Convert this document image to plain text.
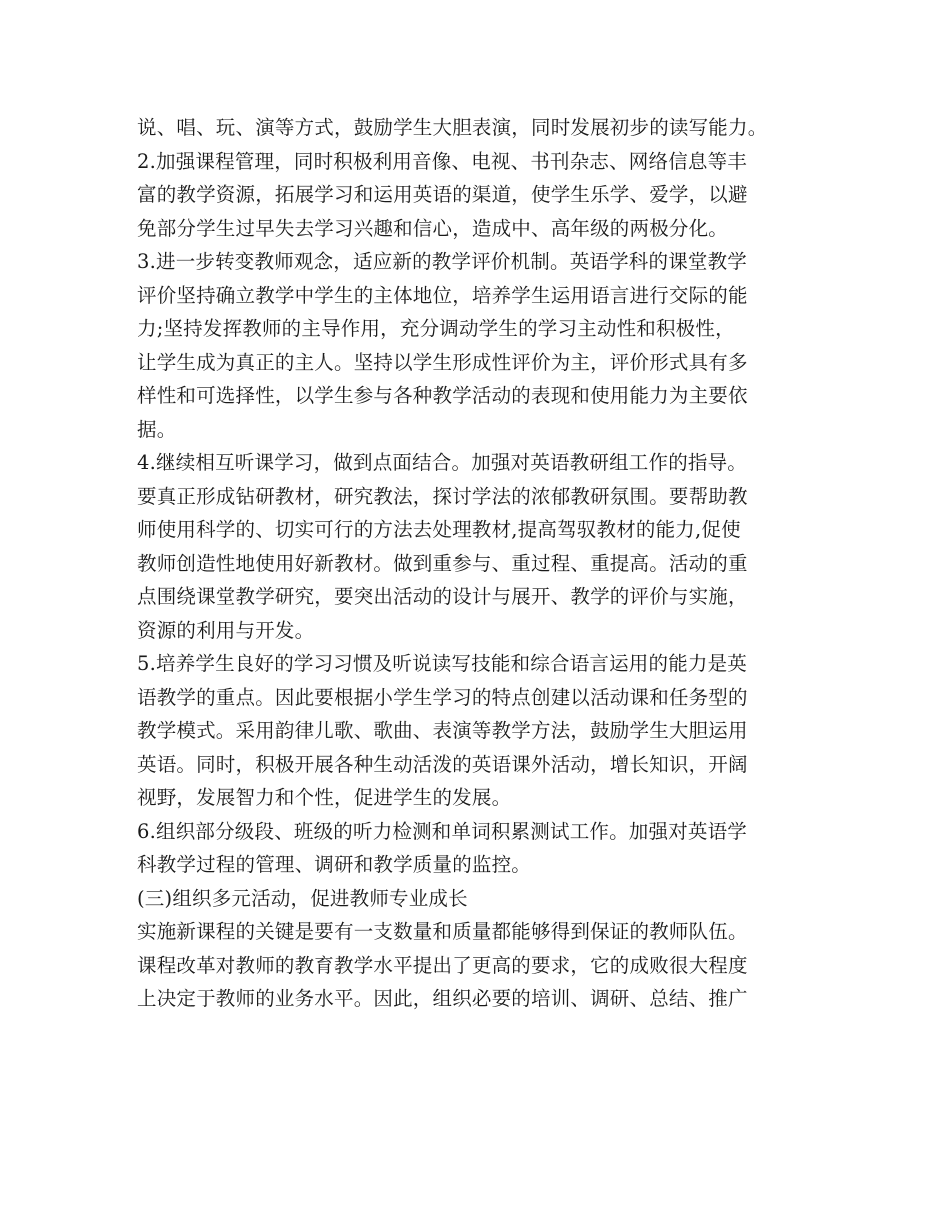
说、唱、玩、演等方式，鼓励学生大胆表演，同时发展初步的读写能力。
2.加强课程管理，同时积极利用音像、电视、书刊杂志、网络信息等丰
富的教学资源，拓展学习和运用英语的渠道，使学生乐学、爱学，以避
免部分学生过早失去学习兴趣和信心，造成中、高年级的两极分化。
3.进一步转变教师观念，适应新的教学评价机制。英语学科的课堂教学
评价坚持确立教学中学生的主体地位，培养学生运用语言进行交际的能
力;坚持发挥教师的主导作用，充分调动学生的学习主动性和积极性，
让学生成为真正的主人。坚持以学生形成性评价为主，评价形式具有多
样性和可选择性，以学生参与各种教学活动的表现和使用能力为主要依
据。
4.继续相互听课学习，做到点面结合。加强对英语教研组工作的指导。
要真正形成钻研教材，研究教法，探讨学法的浓郁教研氛围。要帮助教
师使用科学的、切实可行的方法去处理教材,提高驾驭教材的能力,促使
教师创造性地使用好新教材。做到重参与、重过程、重提高。活动的重
点围绕课堂教学研究，要突出活动的设计与展开、教学的评价与实施，
资源的利用与开发。
5.培养学生良好的学习习惯及听说读写技能和综合语言运用的能力是英
语教学的重点。因此要根据小学生学习的特点创建以活动课和任务型的
教学模式。采用韵律儿歌、歌曲、表演等教学方法，鼓励学生大胆运用
英语。同时，积极开展各种生动活泼的英语课外活动，增长知识，开阔
视野，发展智力和个性，促进学生的发展。
6.组织部分级段、班级的听力检测和单词积累测试工作。加强对英语学
科教学过程的管理、调研和教学质量的监控。
(三)组织多元活动，促进教师专业成长
实施新课程的关键是要有一支数量和质量都能够得到保证的教师队伍。
课程改革对教师的教育教学水平提出了更高的要求，它的成败很大程度
上决定于教师的业务水平。因此，组织必要的培训、调研、总结、推广
